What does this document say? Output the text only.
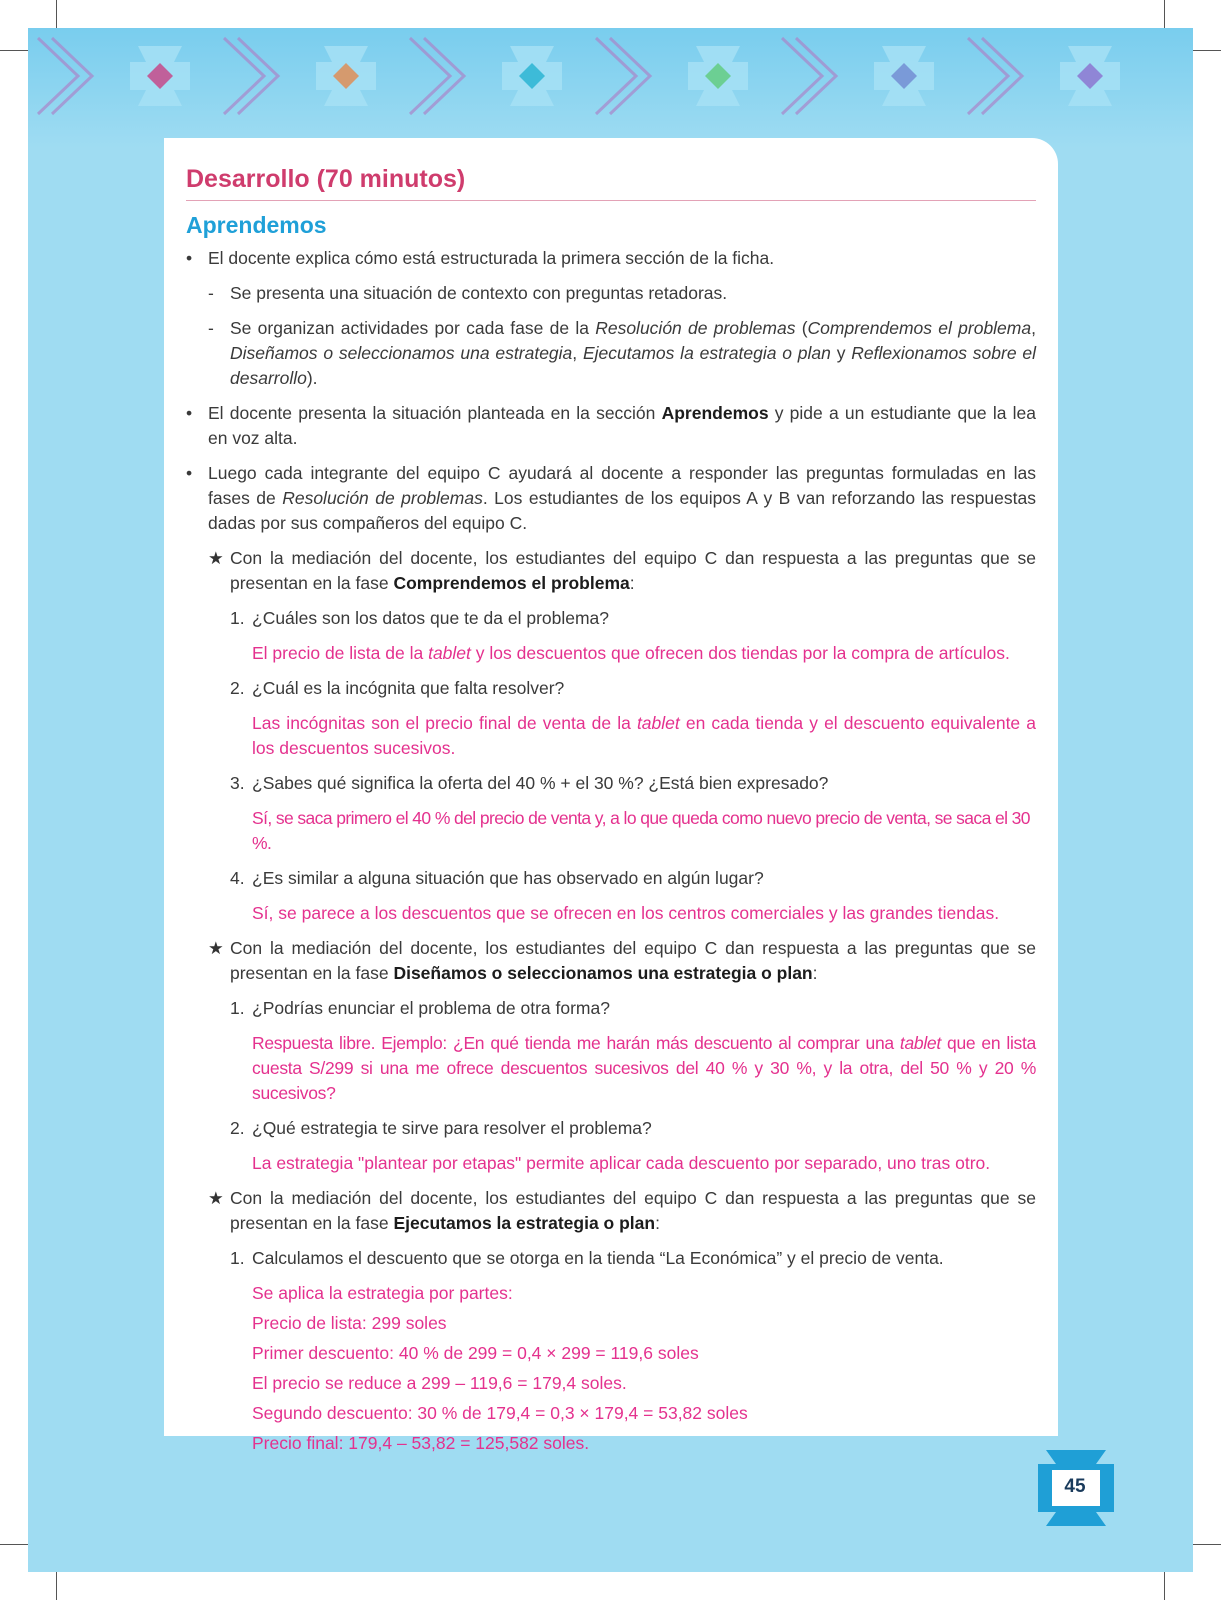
Desarrollo (70 minutos)
Aprendemos
• El docente explica cómo está estructurada la primera sección de la ficha.
- Se presenta una situación de contexto con preguntas retadoras.
- Se organizan actividades por cada fase de la Resolución de problemas (Comprendemos el problema, Diseñamos o seleccionamos una estrategia, Ejecutamos la estrategia o plan y Reflexionamos sobre el desarrollo).
• El docente presenta la situación planteada en la sección Aprendemos y pide a un estudiante que la lea en voz alta.
• Luego cada integrante del equipo C ayudará al docente a responder las preguntas formuladas en las fases de Resolución de problemas. Los estudiantes de los equipos A y B van reforzando las respuestas dadas por sus compañeros del equipo C.
★ Con la mediación del docente, los estudiantes del equipo C dan respuesta a las preguntas que se presentan en la fase Comprendemos el problema:
1. ¿Cuáles son los datos que te da el problema?
El precio de lista de la tablet y los descuentos que ofrecen dos tiendas por la compra de artículos.
2. ¿Cuál es la incógnita que falta resolver?
Las incógnitas son el precio final de venta de la tablet en cada tienda y el descuento equivalente a los descuentos sucesivos.
3. ¿Sabes qué significa la oferta del 40 % + el 30 %? ¿Está bien expresado?
Sí, se saca primero el 40 % del precio de venta y, a lo que queda como nuevo precio de venta, se saca el 30 %.
4. ¿Es similar a alguna situación que has observado en algún lugar?
Sí, se parece a los descuentos que se ofrecen en los centros comerciales y las grandes tiendas.
★ Con la mediación del docente, los estudiantes del equipo C dan respuesta a las preguntas que se presentan en la fase Diseñamos o seleccionamos una estrategia o plan:
1. ¿Podrías enunciar el problema de otra forma?
Respuesta libre. Ejemplo: ¿En qué tienda me harán más descuento al comprar una tablet que en lista cuesta S/299 si una me ofrece descuentos sucesivos del 40 % y 30 %, y la otra, del 50 % y 20 % sucesivos?
2. ¿Qué estrategia te sirve para resolver el problema?
La estrategia "plantear por etapas" permite aplicar cada descuento por separado, uno tras otro.
★ Con la mediación del docente, los estudiantes del equipo C dan respuesta a las preguntas que se presentan en la fase Ejecutamos la estrategia o plan:
1. Calculamos el descuento que se otorga en la tienda “La Económica” y el precio de venta.
Se aplica la estrategia por partes:
Precio de lista: 299 soles
Primer descuento: 40 % de 299 = 0,4 × 299 = 119,6 soles
El precio se reduce a 299 – 119,6 = 179,4 soles.
Segundo descuento: 30 % de 179,4 = 0,3 × 179,4 = 53,82 soles
Precio final: 179,4 – 53,82 = 125,582 soles.
45
